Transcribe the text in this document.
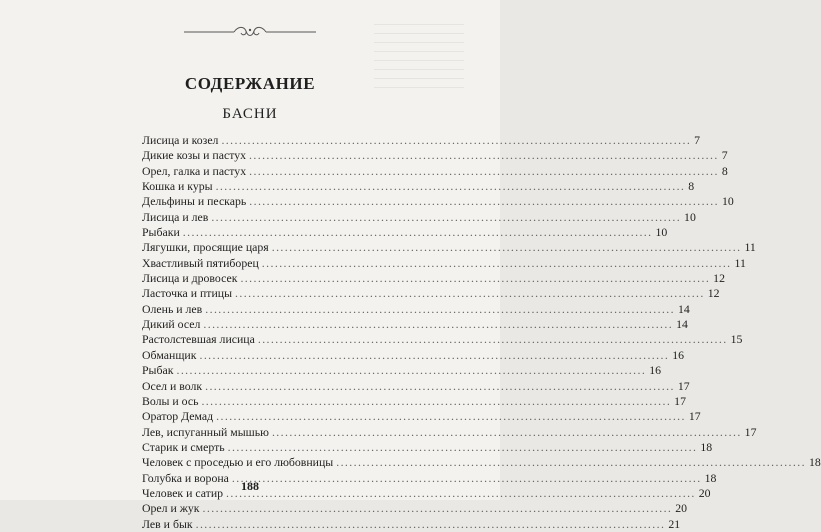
СОДЕРЖАНИЕ
БАСНИ
Лисица и козел .....	7
Дикие козы и пастух .....	7
Орел, галка и пастух .....	8
Кошка и куры .....	8
Дельфины и пескарь .....	10
Лисица и лев .....	10
Рыбаки .....	10
Лягушки, просящие царя .....	11
Хвастливый пятиборец .....	11
Лисица и дровосек .....	12
Ласточка и птицы .....	12
Олень и лев .....	14
Дикий осел .....	14
Растолстевшая лисица .....	15
Обманщик .....	16
Рыбак .....	16
Осел и волк .....	17
Волы и ось .....	17
Оратор Демад .....	17
Лев, испуганный мышью .....	17
Старик и смерть .....	18
Человек с проседью и его любовницы .....	18
Голубка и ворона .....	18
Человек и сатир .....	20
Орел и жук .....	20
Лев и бык .....	21
188
